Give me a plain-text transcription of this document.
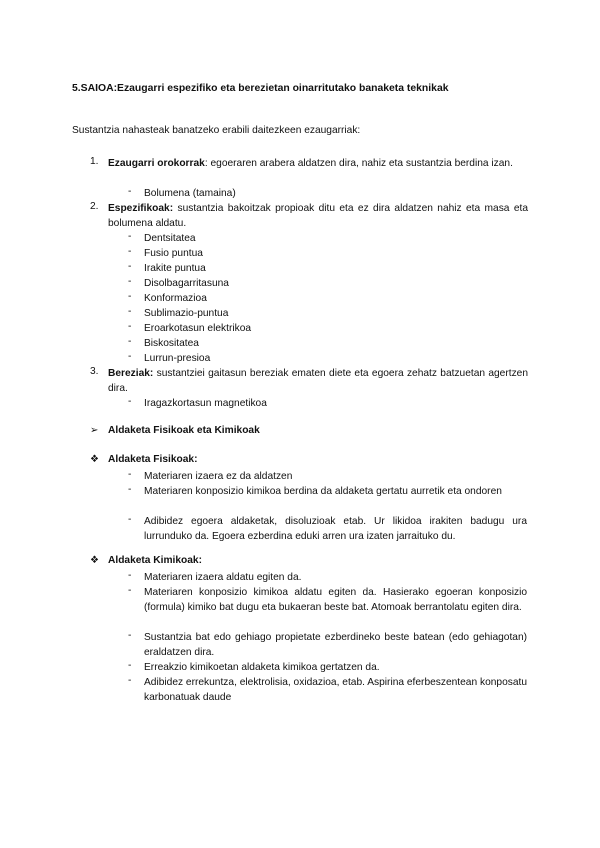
5.SAIOA:Ezaugarri espezifiko eta berezietan oinarritutako banaketa teknikak
Sustantzia nahasteak banatzeko erabili daitezkeen ezaugarriak:
1. Ezaugarri orokorrak: egoeraren arabera aldatzen dira, nahiz eta sustantzia berdina izan.
- Bolumena (tamaina)
2. Espezifikoak: sustantzia bakoitzak propioak ditu eta ez dira aldatzen nahiz eta masa eta bolumena aldatu.
- Dentsitatea
- Fusio puntua
- Irakite puntua
- Disolbagarritasuna
- Konformazioa
- Sublimazio-puntua
- Eroarkotasun elektrikoa
- Biskositatea
- Lurrun-presioa
3. Bereziak: sustantziei gaitasun bereziak ematen diete eta egoera zehatz batzuetan agertzen dira.
- Iragazkortasun magnetikoa
➢ Aldaketa Fisikoak eta Kimikoak
❖ Aldaketa Fisikoak:
- Materiaren izaera ez da aldatzen
- Materiaren konposizio kimikoa berdina da aldaketa gertatu aurretik eta ondoren
- Adibidez egoera aldaketak, disoluzioak etab. Ur likidoa irakiten badugu ura lurrunduko da. Egoera ezberdina eduki arren ura izaten jarraituko du.
❖ Aldaketa Kimikoak:
- Materiaren izaera aldatu egiten da.
- Materiaren konposizio kimikoa aldatu egiten da. Hasierako egoeran konposizio (formula) kimiko bat dugu eta bukaeran beste bat. Atomoak berrantolatu egiten dira.
- Sustantzia bat edo gehiago propietate ezberdineko beste batean (edo gehiagotan) eraldatzen dira.
- Erreakzio kimikoetan aldaketa kimikoa gertatzen da.
- Adibidez errekuntza, elektrolisia, oxidazioa, etab. Aspirina eferbeszentean konposatu karbonatuak daude
